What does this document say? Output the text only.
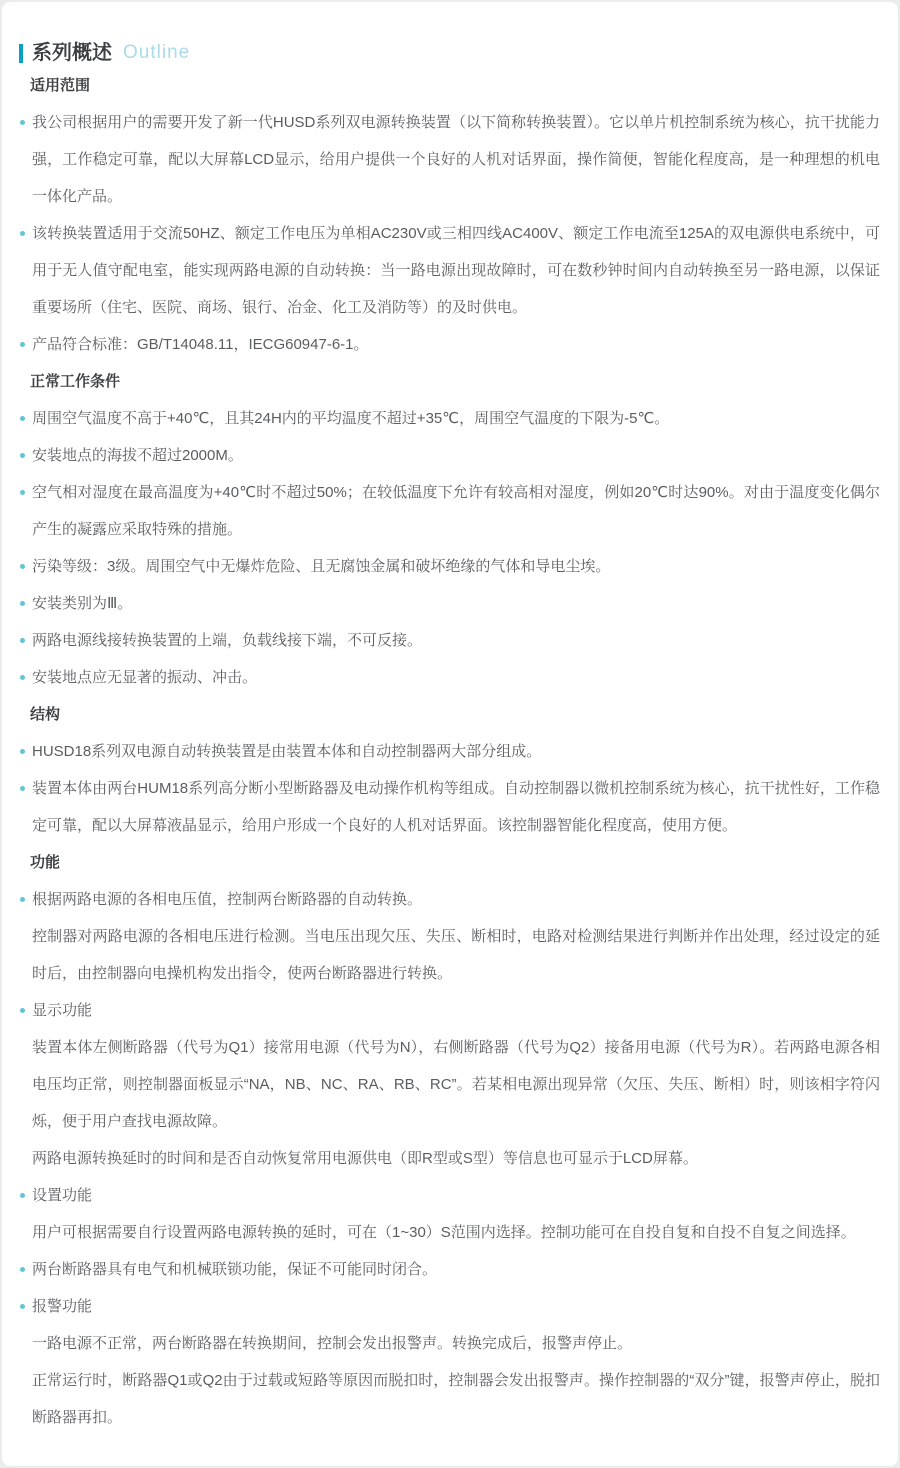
系列概述 Outline
适用范围

我公司根据用户的需要开发了新一代HUSD系列双电源转换装置（以下简称转换装置）。它以单片机控制系统为核心，抗干扰能力强，工作稳定可靠，配以大屏幕LCD显示，给用户提供一个良好的人机对话界面，操作简便，智能化程度高，是一种理想的机电一体化产品。

该转换装置适用于交流50HZ、额定工作电压为单相AC230V或三相四线AC400V、额定工作电流至125A的双电源供电系统中，可用于无人值守配电室，能实现两路电源的自动转换：当一路电源出现故障时，可在数秒钟时间内自动转换至另一路电源，以保证重要场所（住宅、医院、商场、银行、冶金、化工及消防等）的及时供电。

产品符合标准：GB/T14048.11，IECG60947-6-1。

正常工作条件

周围空气温度不高于+40℃，且其24H内的平均温度不超过+35℃，周围空气温度的下限为-5℃。

安装地点的海拔不超过2000M。

空气相对湿度在最高温度为+40℃时不超过50%；在较低温度下允许有较高相对湿度，例如20℃时达90%。对由于温度变化偶尔产生的凝露应采取特殊的措施。

污染等级：3级。周围空气中无爆炸危险、且无腐蚀金属和破坏绝缘的气体和导电尘埃。

安装类别为Ⅲ。

两路电源线接转换装置的上端，负载线接下端，不可反接。

安装地点应无显著的振动、冲击。

结构

HUSD18系列双电源自动转换装置是由装置本体和自动控制器两大部分组成。

装置本体由两台HUM18系列高分断小型断路器及电动操作机构等组成。自动控制器以微机控制系统为核心，抗干扰性好，工作稳定可靠，配以大屏幕液晶显示，给用户形成一个良好的人机对话界面。该控制器智能化程度高，使用方便。

功能

根据两路电源的各相电压值，控制两台断路器的自动转换。

控制器对两路电源的各相电压进行检测。当电压出现欠压、失压、断相时，电路对检测结果进行判断并作出处理，经过设定的延时后，由控制器向电操机构发出指令，使两台断路器进行转换。

显示功能

装置本体左侧断路器（代号为Q1）接常用电源（代号为N），右侧断路器（代号为Q2）接备用电源（代号为R）。若两路电源各相电压均正常，则控制器面板显示“NA，NB、NC、RA、RB、RC”。若某相电源出现异常（欠压、失压、断相）时，则该相字符闪烁，便于用户查找电源故障。

两路电源转换延时的时间和是否自动恢复常用电源供电（即R型或S型）等信息也可显示于LCD屏幕。

设置功能

用户可根据需要自行设置两路电源转换的延时，可在（1~30）S范围内选择。控制功能可在自投自复和自投不自复之间选择。

两台断路器具有电气和机械联锁功能，保证不可能同时闭合。

报警功能

一路电源不正常，两台断路器在转换期间，控制会发出报警声。转换完成后，报警声停止。

正常运行时，断路器Q1或Q2由于过载或短路等原因而脱扣时，控制器会发出报警声。操作控制器的“双分”键，报警声停止，脱扣断路器再扣。
